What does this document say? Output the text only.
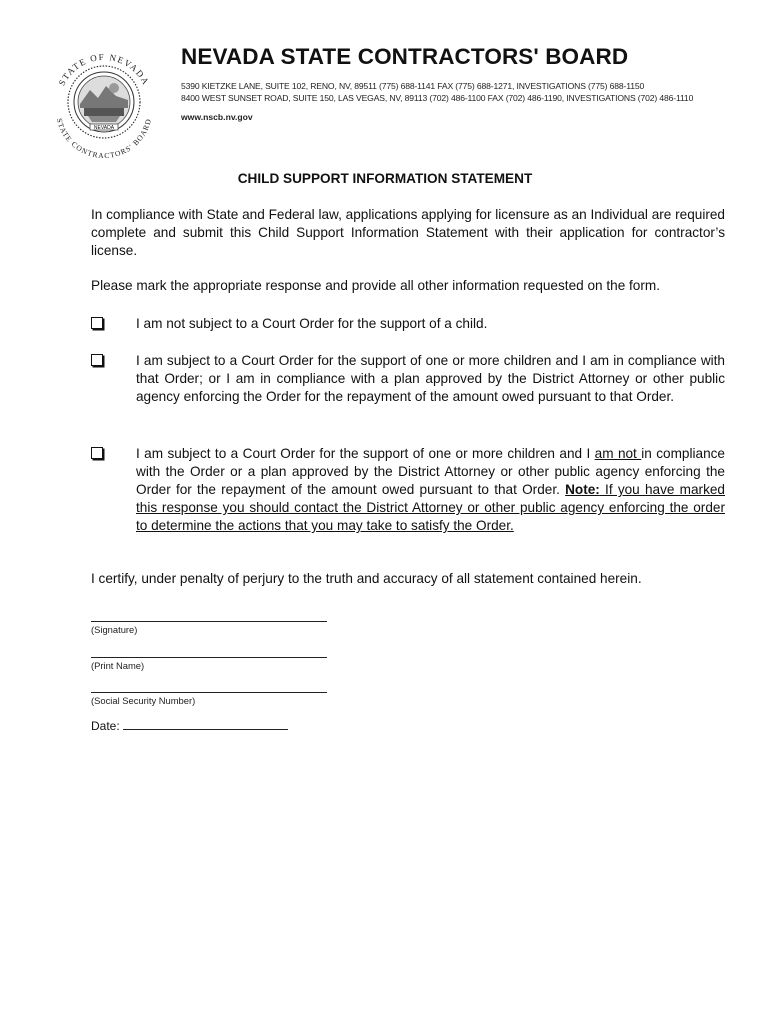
STATE OF NEVADA
STATE CONTRACTORS' BOARD
NEVADA
NEVADA STATE CONTRACTORS' BOARD
5390 KIETZKE LANE, SUITE 102, RENO, NV, 89511 (775) 688-1141 FAX (775) 688-1271, INVESTIGATIONS (775) 688-1150
8400 WEST SUNSET ROAD, SUITE 150, LAS VEGAS, NV, 89113 (702) 486-1100 FAX (702) 486-1190, INVESTIGATIONS (702) 486-1110
www.nscb.nv.gov
CHILD SUPPORT INFORMATION STATEMENT
In compliance with State and Federal law, applications applying for licensure as an Individual are required complete and submit this Child Support Information Statement with their application for contractor’s license.
Please mark the appropriate response and provide all other information requested on the form.
I am not subject to a Court Order for the support of a child.
I am subject to a Court Order for the support of one or more children and I am in compliance with that Order; or I am in compliance with a plan approved by the District Attorney or other public agency enforcing the Order for the repayment of the amount owed pursuant to that Order.
I am subject to a Court Order for the support of one or more children and I am not in compliance with the Order or a plan approved by the District Attorney or other public agency enforcing the Order for the repayment of the amount owed pursuant to that Order. Note: If you have marked this response you should contact the District Attorney or other public agency enforcing the order to determine the actions that you may take to satisfy the Order.
I certify, under penalty of perjury to the truth and accuracy of all statement contained herein.
(Signature)
(Print Name)
(Social Security Number)
Date:
